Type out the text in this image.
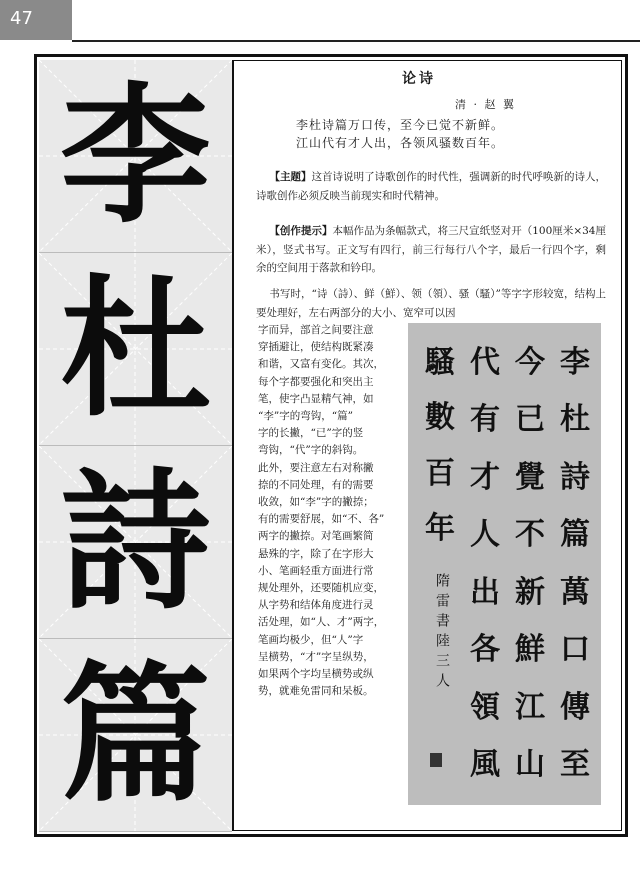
47
李
杜
詩
篇
论诗
清 · 赵 翼
李杜诗篇万口传，至今已觉不新鲜。
江山代有才人出，各领风骚数百年。
【主题】这首诗说明了诗歌创作的时代性，强调新的时代呼唤新的诗人，诗歌创作必须反映当前现实和时代精神。
【创作提示】本幅作品为条幅款式，将三尺宣纸竖对开（100厘米×34厘米），竖式书写。正文写有四行，前三行每行八个字，最后一行四个字，剩余的空间用于落款和钤印。
书写时，“诗（詩）、鲜（鮮）、领（領）、骚（騷）”等字字形较宽，结构上要处理好，左右两部分的大小、宽窄可以因
字而异，部首之间要注意
穿插避让，使结构既紧凑
和谐，又富有变化。其次，
每个字都要强化和突出主
笔，使字凸显精气神，如
“李”字的弯钩，“篇”
字的长撇，“已”字的竖
弯钩，“代”字的斜钩。
此外，要注意左右对称撇
捺的不同处理，有的需要
收敛，如“李”字的撇捺；
有的需要舒展，如“不、各”
两字的撇捺。对笔画繁简
悬殊的字，除了在字形大
小、笔画轻重方面进行常
规处理外，还要随机应变，
从字势和结体角度进行灵
活处理，如“人、才”两字，
笔画均极少，但“人”字
呈横势，“才”字呈纵势，
如果两个字均呈横势或纵
势，就难免雷同和呆板。
李
杜
詩
篇
萬
口
傳
至
今
已
覺
不
新
鮮
江
山
代
有
才
人
出
各
領
風
騷
數
百
年
隋雷書陸三人
